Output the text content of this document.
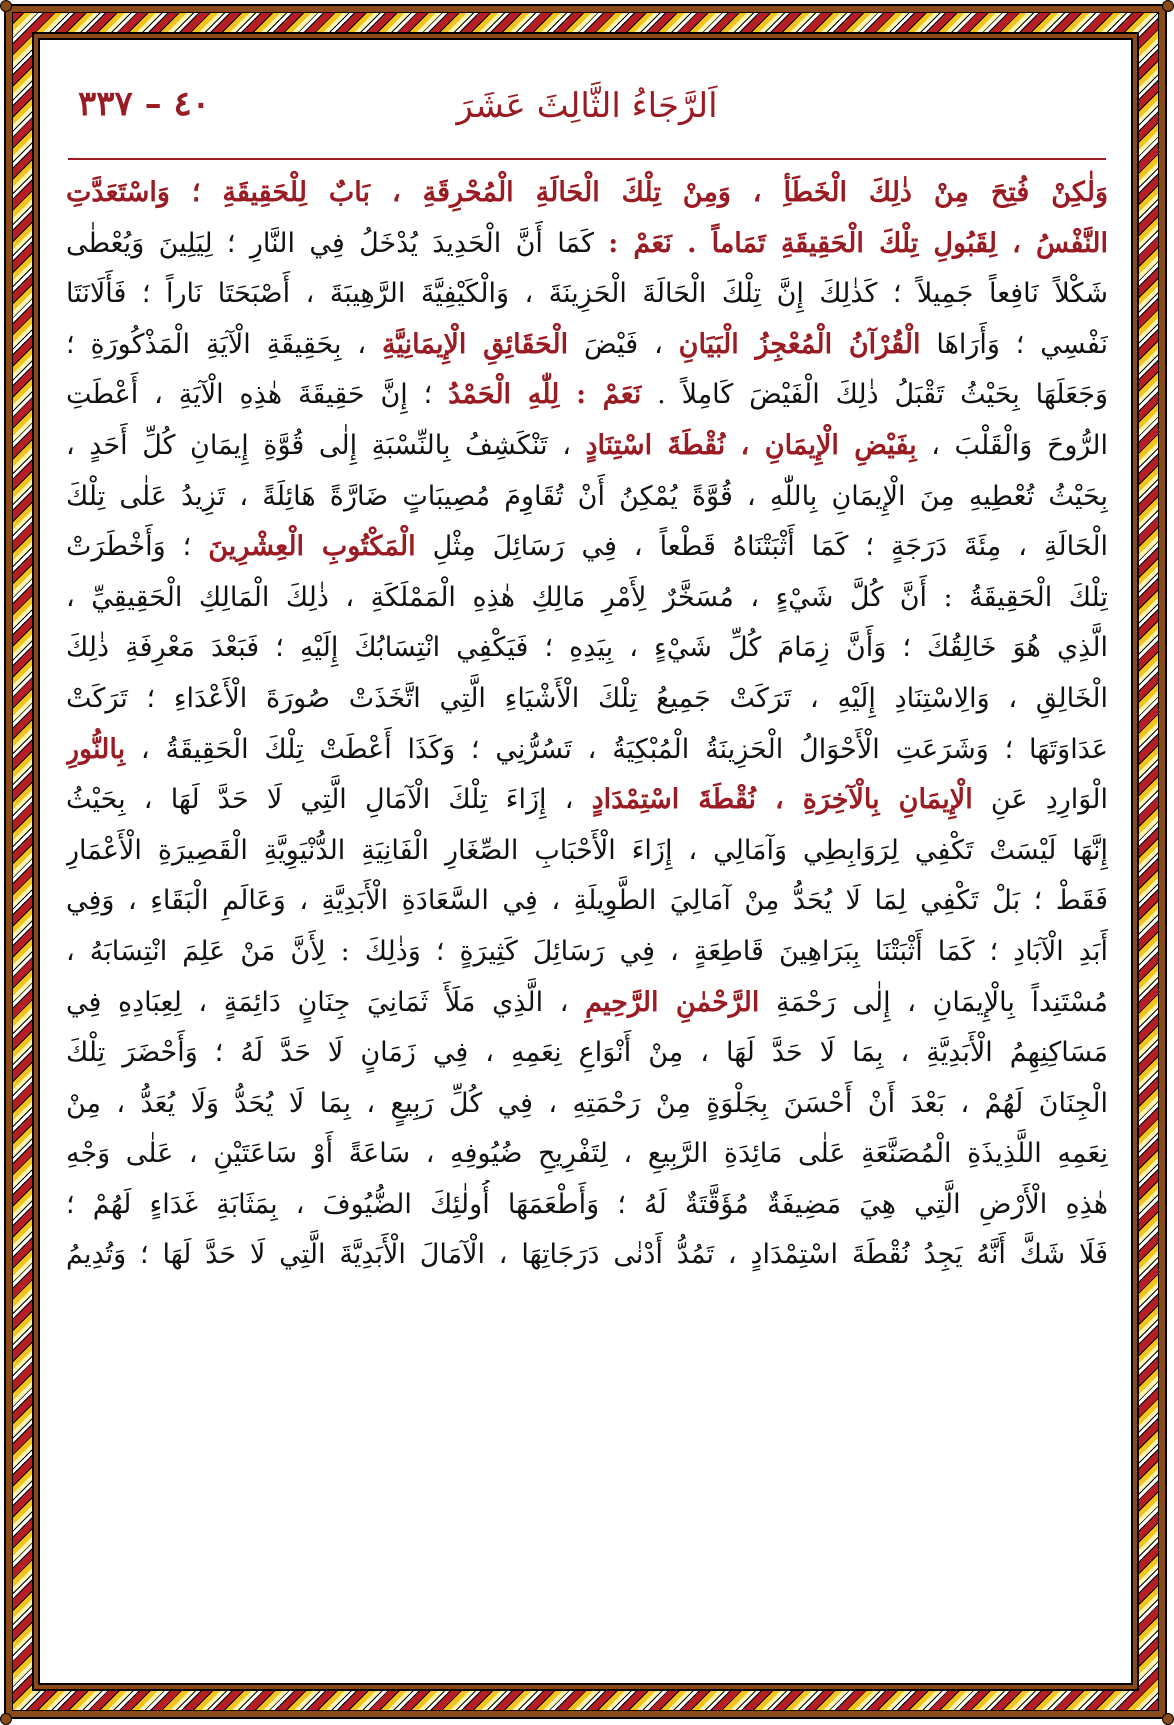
اَلرَّجَاءُ الثَّالِثَ عَشَرَ
٤٠ – ٣٣٧
وَلٰكِنْ فُتِحَ مِنْ ذٰلِكَ الْخَطَأِ ، وَمِنْ تِلْكَ الْحَالَةِ الْمُحْرِقَةِ ، بَابٌ لِلْحَقِيقَةِ ؛ وَاسْتَعَدَّتِ
النَّفْسُ ، لِقَبُولِ تِلْكَ الْحَقِيقَةِ تَمَاماً . نَعَمْ : كَمَا أَنَّ الْحَدِيدَ يُدْخَلُ فِي النَّارِ ؛ لِيَلِينَ وَيُعْطٰى
شَكْلاً نَافِعاً جَمِيلاً ؛ كَذٰلِكَ إِنَّ تِلْكَ الْحَالَةَ الْحَزِينَةَ ، وَالْكَيْفِيَّةَ الرَّهِيبَةَ ، أَصْبَحَتَا نَاراً ؛ فَأَلَانَتَا
نَفْسِي ؛ وَأَرَاهَا الْقُرْآنُ الْمُعْجِزُ الْبَيَانِ ، فَيْضَ الْحَقَائِقِ الْإِيمَانِيَّةِ ، بِحَقِيقَةِ الْآيَةِ الْمَذْكُورَةِ ؛
وَجَعَلَهَا بِحَيْثُ تَقْبَلُ ذٰلِكَ الْفَيْضَ كَامِلاً . نَعَمْ : لِلّٰهِ الْحَمْدُ ؛ إِنَّ حَقِيقَةَ هٰذِهِ الْآيَةِ ، أَعْطَتِ
الرُّوحَ وَالْقَلْبَ ، بِفَيْضِ الْإِيمَانِ ، نُقْطَةَ اسْتِنَادٍ ، تَنْكَشِفُ بِالنِّسْبَةِ إِلٰى قُوَّةِ إِيمَانِ كُلِّ أَحَدٍ ،
بِحَيْثُ تُعْطِيهِ مِنَ الْإِيمَانِ بِاللّٰهِ ، قُوَّةً يُمْكِنُ أَنْ تُقَاوِمَ مُصِيبَاتٍ ضَارَّةً هَائِلَةً ، تَزِيدُ عَلٰى تِلْكَ
الْحَالَةِ ، مِئَةَ دَرَجَةٍ ؛ كَمَا أَثْبَتْنَاهُ قَطْعاً ، فِي رَسَائِلَ مِثْلِ الْمَكْتُوبِ الْعِشْرِينَ ؛ وَأَخْطَرَتْ
تِلْكَ الْحَقِيقَةُ : أَنَّ كُلَّ شَيْءٍ ، مُسَخَّرٌ لِأَمْرِ مَالِكِ هٰذِهِ الْمَمْلَكَةِ ، ذٰلِكَ الْمَالِكِ الْحَقِيقِيِّ ،
الَّذِي هُوَ خَالِقُكَ ؛ وَأَنَّ زِمَامَ كُلِّ شَيْءٍ ، بِيَدِهِ ؛ فَيَكْفِي انْتِسَابُكَ إِلَيْهِ ؛ فَبَعْدَ مَعْرِفَةِ ذٰلِكَ
الْخَالِقِ ، وَالِاسْتِنَادِ إِلَيْهِ ، تَرَكَتْ جَمِيعُ تِلْكَ الْأَشْيَاءِ الَّتِي اتَّخَذَتْ صُورَةَ الْأَعْدَاءِ ؛ تَرَكَتْ
عَدَاوَتَهَا ؛ وَشَرَعَتِ الْأَحْوَالُ الْحَزِينَةُ الْمُبْكِيَةُ ، تَسُرُّنِي ؛ وَكَذَا أَعْطَتْ تِلْكَ الْحَقِيقَةُ ، بِالنُّورِ
الْوَارِدِ عَنِ الْإِيمَانِ بِالْآخِرَةِ ، نُقْطَةَ اسْتِمْدَادٍ ، إِزَاءَ تِلْكَ الْآمَالِ الَّتِي لَا حَدَّ لَهَا ، بِحَيْثُ
إِنَّهَا لَيْسَتْ تَكْفِي لِرَوَابِطِي وَآمَالِي ، إِزَاءَ الْأَحْبَابِ الصِّغَارِ الْفَانِيَةِ الدُّنْيَوِيَّةِ الْقَصِيرَةِ الْأَعْمَارِ
فَقَطْ ؛ بَلْ تَكْفِي لِمَا لَا يُحَدُّ مِنْ آمَالِيَ الطَّوِيلَةِ ، فِي السَّعَادَةِ الْأَبَدِيَّةِ ، وَعَالَمِ الْبَقَاءِ ، وَفِي
أَبَدِ الْآبَادِ ؛ كَمَا أَثْبَتْنَا بِبَرَاهِينَ قَاطِعَةٍ ، فِي رَسَائِلَ كَثِيرَةٍ ؛ وَذٰلِكَ : لِأَنَّ مَنْ عَلِمَ انْتِسَابَهُ ،
مُسْتَنِداً بِالْإِيمَانِ ، إِلٰى رَحْمَةِ الرَّحْمٰنِ الرَّحِيمِ ، الَّذِي مَلَأَ ثَمَانِيَ جِنَانٍ دَائِمَةٍ ، لِعِبَادِهِ فِي
مَسَاكِنِهِمُ الْأَبَدِيَّةِ ، بِمَا لَا حَدَّ لَهَا ، مِنْ أَنْوَاعِ نِعَمِهِ ، فِي زَمَانٍ لَا حَدَّ لَهُ ؛ وَأَحْضَرَ تِلْكَ
الْجِنَانَ لَهُمْ ، بَعْدَ أَنْ أَحْسَنَ بِجَلْوَةٍ مِنْ رَحْمَتِهِ ، فِي كُلِّ رَبِيعٍ ، بِمَا لَا يُحَدُّ وَلَا يُعَدُّ ، مِنْ
نِعَمِهِ اللَّذِيذَةِ الْمُصَنَّعَةِ عَلٰى مَائِدَةِ الرَّبِيعِ ، لِتَفْرِيحِ ضُيُوفِهِ ، سَاعَةً أَوْ سَاعَتَيْنِ ، عَلٰى وَجْهِ
هٰذِهِ الْأَرْضِ الَّتِي هِيَ مَضِيفَةٌ مُؤَقَّتَةٌ لَهُ ؛ وَأَطْعَمَهَا أُولٰئِكَ الضُّيُوفَ ، بِمَثَابَةِ غَدَاءٍ لَهُمْ ؛
فَلَا شَكَّ أَنَّهُ يَجِدُ نُقْطَةَ اسْتِمْدَادٍ ، تَمُدُّ أَدْنٰى دَرَجَاتِهَا ، الْآمَالَ الْأَبَدِيَّةَ الَّتِي لَا حَدَّ لَهَا ؛ وَتُدِيمُ
